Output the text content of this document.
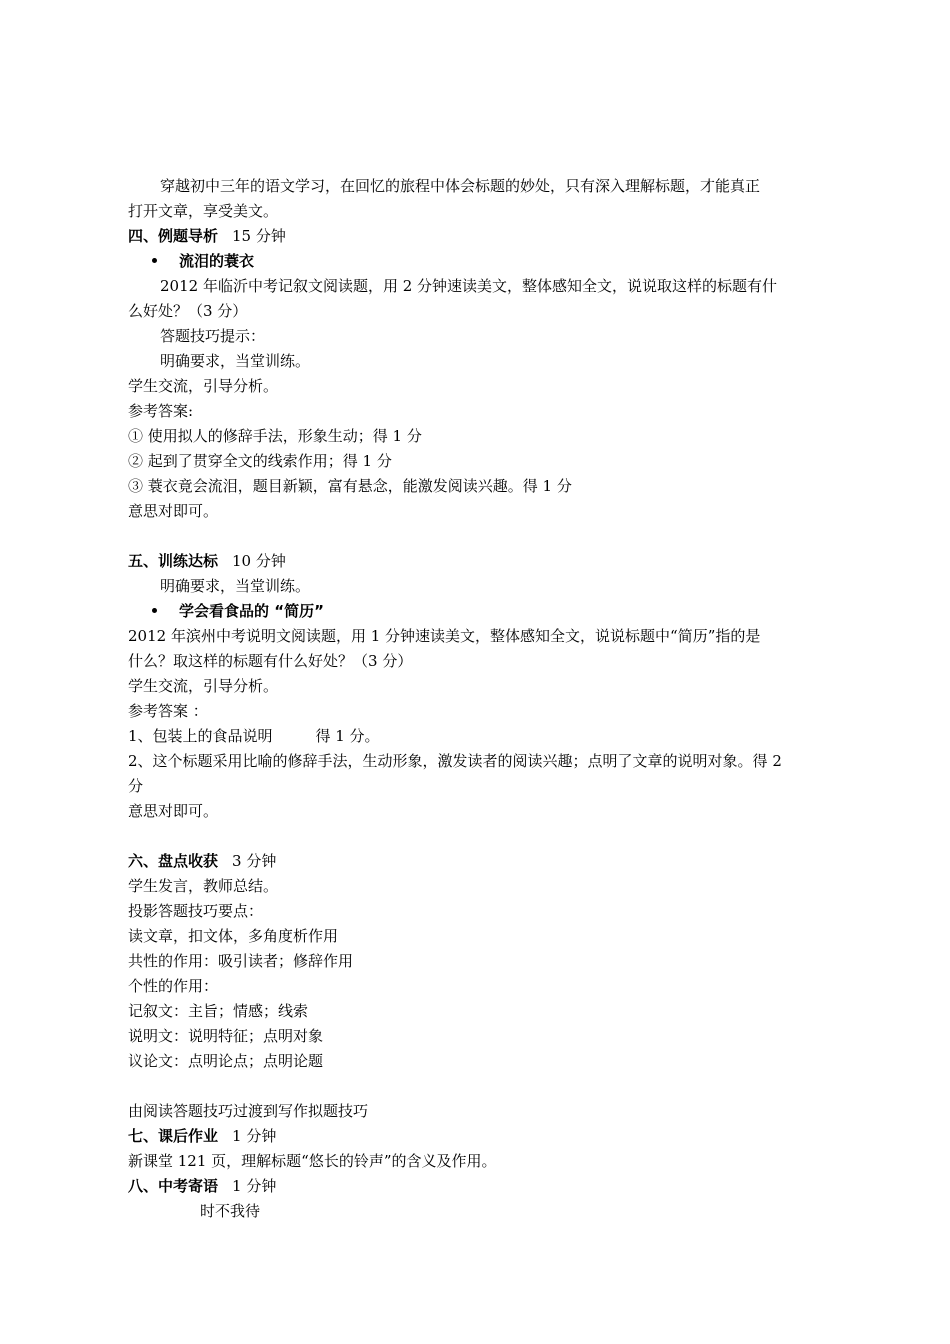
穿越初中三年的语文学习，在回忆的旅程中体会标题的妙处，只有深入理解标题，才能真正
打开文章，享受美文。
四、例题导析 15 分钟
流泪的蓑衣
2012 年临沂中考记叙文阅读题，用 2 分钟速读美文，整体感知全文，说说取这样的标题有什
么好处？（3 分）
答题技巧提示：
明确要求，当堂训练。
学生交流，引导分析。
参考答案:
① 使用拟人的修辞手法，形象生动；得 1 分
② 起到了贯穿全文的线索作用；得 1 分
③ 蓑衣竟会流泪，题目新颖，富有悬念，能激发阅读兴趣。得 1 分
意思对即可。
五、训练达标 10 分钟
明确要求，当堂训练。
学会看食品的 “简历”
2012 年滨州中考说明文阅读题，用 1 分钟速读美文，整体感知全文，说说标题中“简历”指的是
什么？取这样的标题有什么好处？（3 分）
学生交流，引导分析。
参考答案 ：
1、包装上的食品说明         得 1 分。
2、这个标题采用比喻的修辞手法，生动形象，激发读者的阅读兴趣；点明了文章的说明对象。得 2
分
意思对即可。
六、盘点收获 3 分钟
学生发言，教师总结。
投影答题技巧要点：
读文章，扣文体，多角度析作用
共性的作用：吸引读者；修辞作用
个性的作用：
记叙文：主旨；情感；线索
说明文：说明特征；点明对象
议论文：点明论点；点明论题
由阅读答题技巧过渡到写作拟题技巧
七、课后作业 1 分钟
新课堂 121 页，理解标题“悠长的铃声”的含义及作用。
八、中考寄语 1 分钟
时不我待
